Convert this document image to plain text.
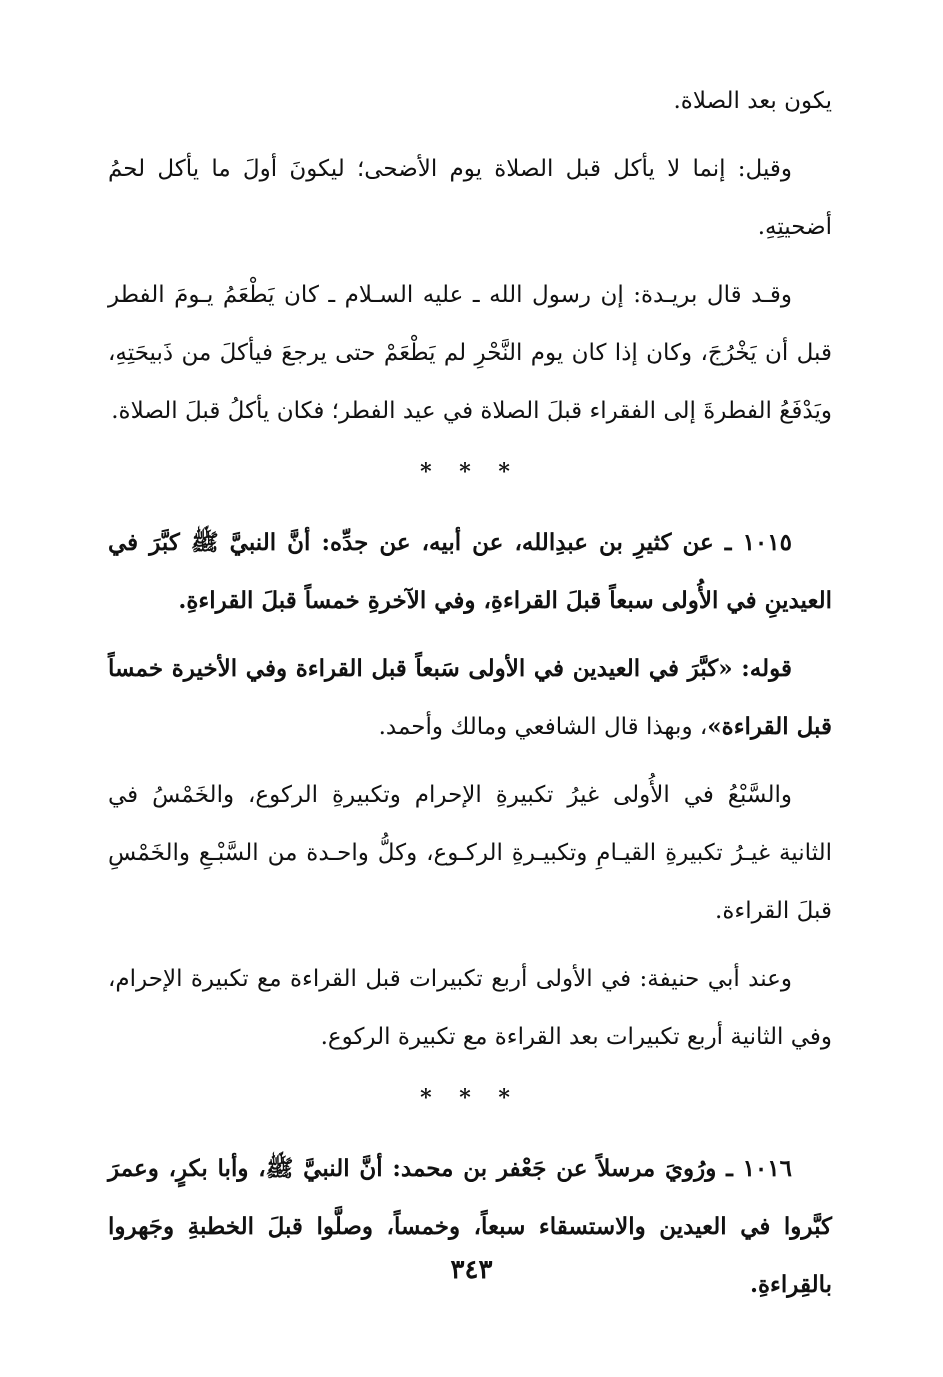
يكون بعد الصلاة.

وقيل: إنما لا يأكل قبل الصلاة يوم الأضحى؛ ليكونَ أولَ ما يأكل لحمُ أضحيتِهِ.

وقـد قال بريـدة: إن رسول الله ـ عليه السـلام ـ كان يَطْعَمُ يـومَ الفطر قبل أن يَخْرُجَ، وكان إذا كان يوم النَّحْرِ لم يَطْعَمْ حتى يرجعَ فيأكلَ من ذَبيحَتِهِ، ويَدْفَعُ الفطرةَ إلى الفقراء قبلَ الصلاة في عيد الفطر؛ فكان يأكلُ قبلَ الصلاة.

* * *

١٠١٥ ـ عن كثيرِ بن عبدِالله، عن أبيه، عن جدِّه: أنَّ النبيَّ ﷺ كبَّرَ في العيدينِ في الأُولى سبعاً قبلَ القراءةِ، وفي الآخرةِ خمساً قبلَ القراءةِ.

قوله: «كبَّرَ في العيدين في الأولى سَبعاً قبل القراءة وفي الأخيرة خمساً قبل القراءة»، وبهذا قال الشافعي ومالك وأحمد.

والسَّبْعُ في الأُولى غيرُ تكبيرةِ الإحرام وتكبيرةِ الركوع، والخَمْسُ في الثانية غيـرُ تكبيرةِ القيـامِ وتكبيـرةِ الركـوع، وكلُّ واحـدة من السَّبْـعِ والخَمْسِ قبلَ القراءة.

وعند أبي حنيفة: في الأولى أربع تكبيرات قبل القراءة مع تكبيرة الإحرام، وفي الثانية أربع تكبيرات بعد القراءة مع تكبيرة الركوع.

* * *

١٠١٦ ـ ورُويَ مرسلاً عن جَعْفر بن محمد: أنَّ النبيَّ ﷺ، وأبا بكرٍ، وعمرَ كبَّروا في العيدين والاستسقاء سبعاً، وخمساً، وصلَّوا قبلَ الخطبةِ وجَهروا بالقِراءةِ.

٣٤٣
